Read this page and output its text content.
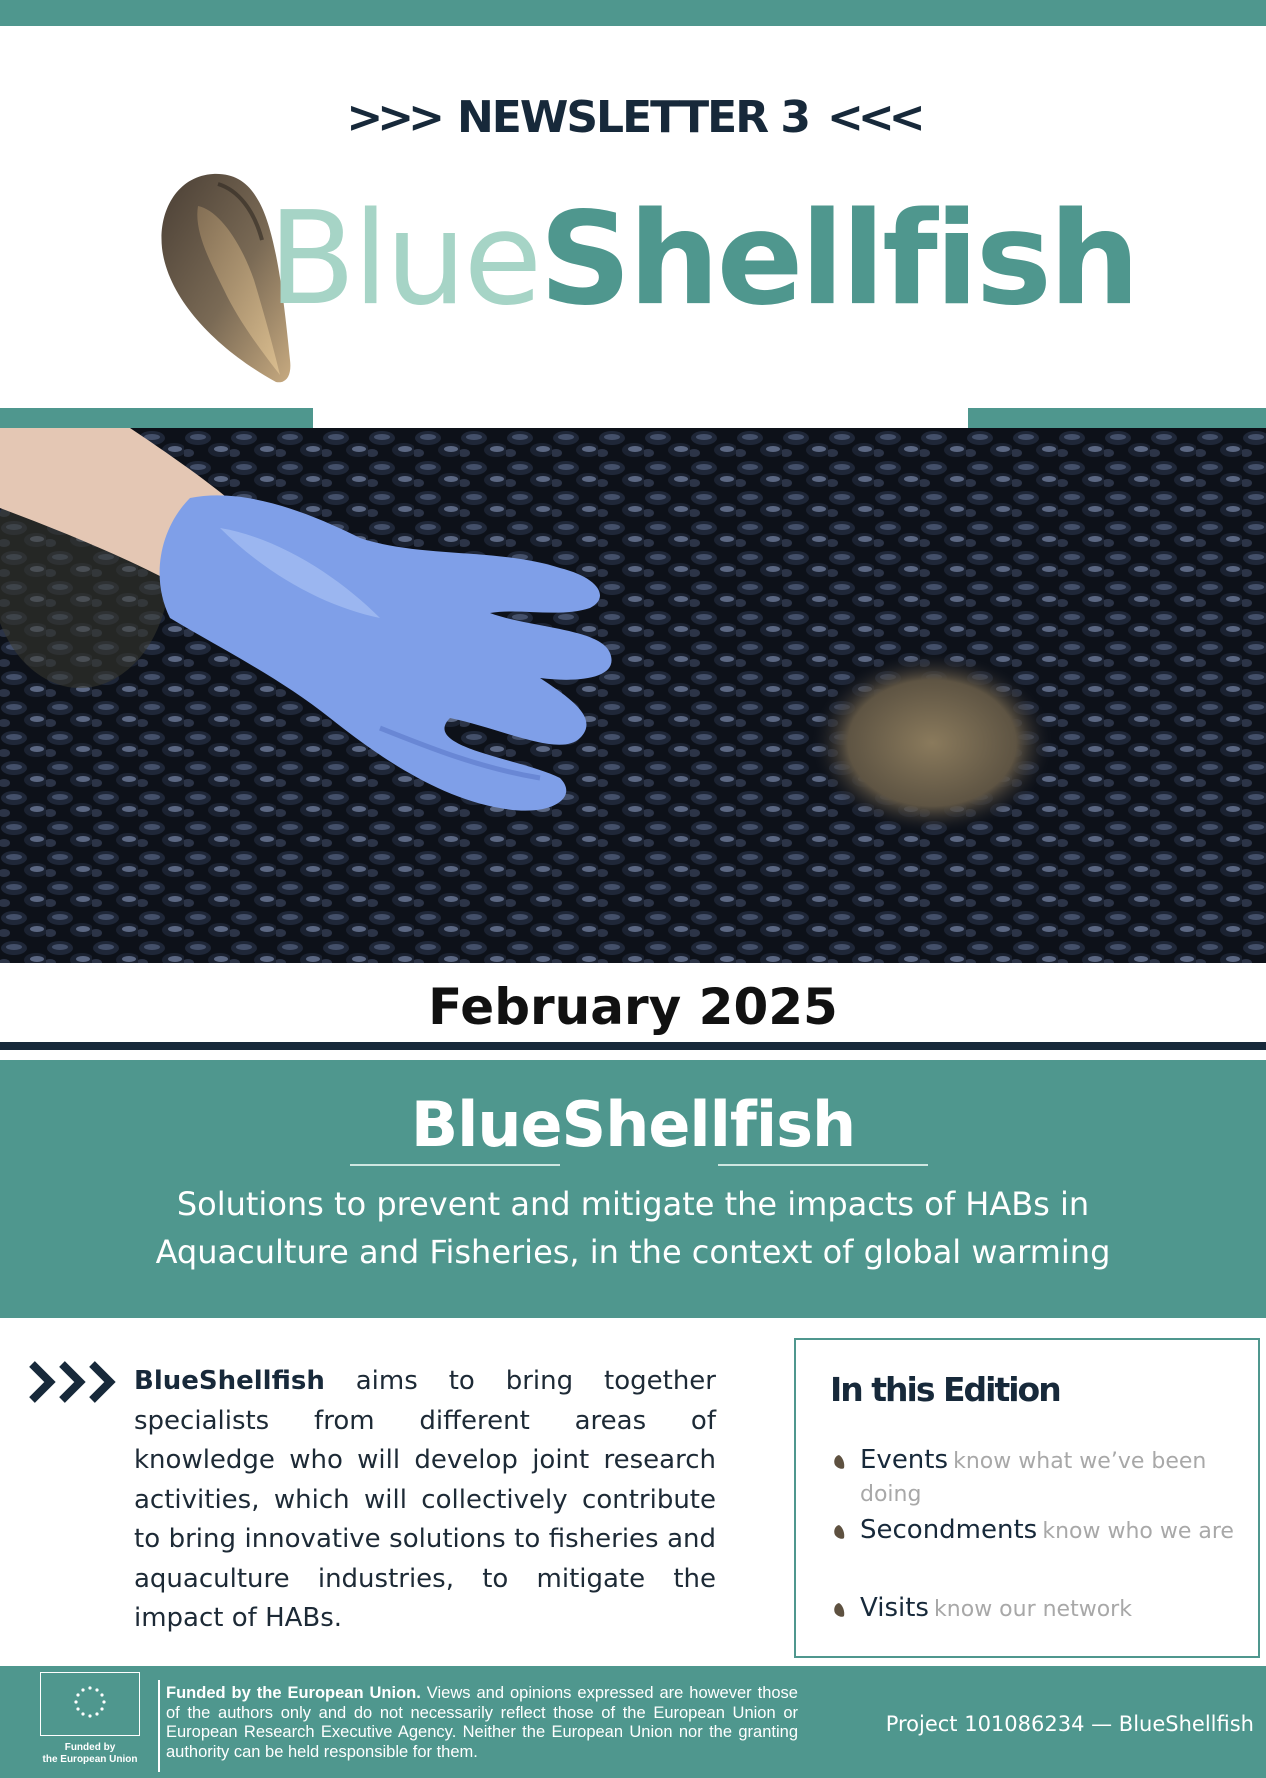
>>> NEWSLETTER 3 <<<
BlueShellfish
February 2025
BlueShellfish
Solutions to prevent and mitigate the impacts of HABs in
Aquaculture and Fisheries, in the context of global warming

BlueShellfish aims to bring together specialists from different areas of knowledge who will develop joint research activities, which will collectively contribute to bring innovative solutions to fisheries and aquaculture industries, to mitigate the impact of HABs.

In this Edition
Events know what we’ve been doing
Secondments know who we are
Visits know our network
Funded by
the European Union

Funded by the European Union. Views and opinions expressed are however those of the authors only and do not necessarily reflect those of the European Union or European Research Executive Agency. Neither the European Union nor the granting authority can be held responsible for them.

Project 101086234 — BlueShellfish
